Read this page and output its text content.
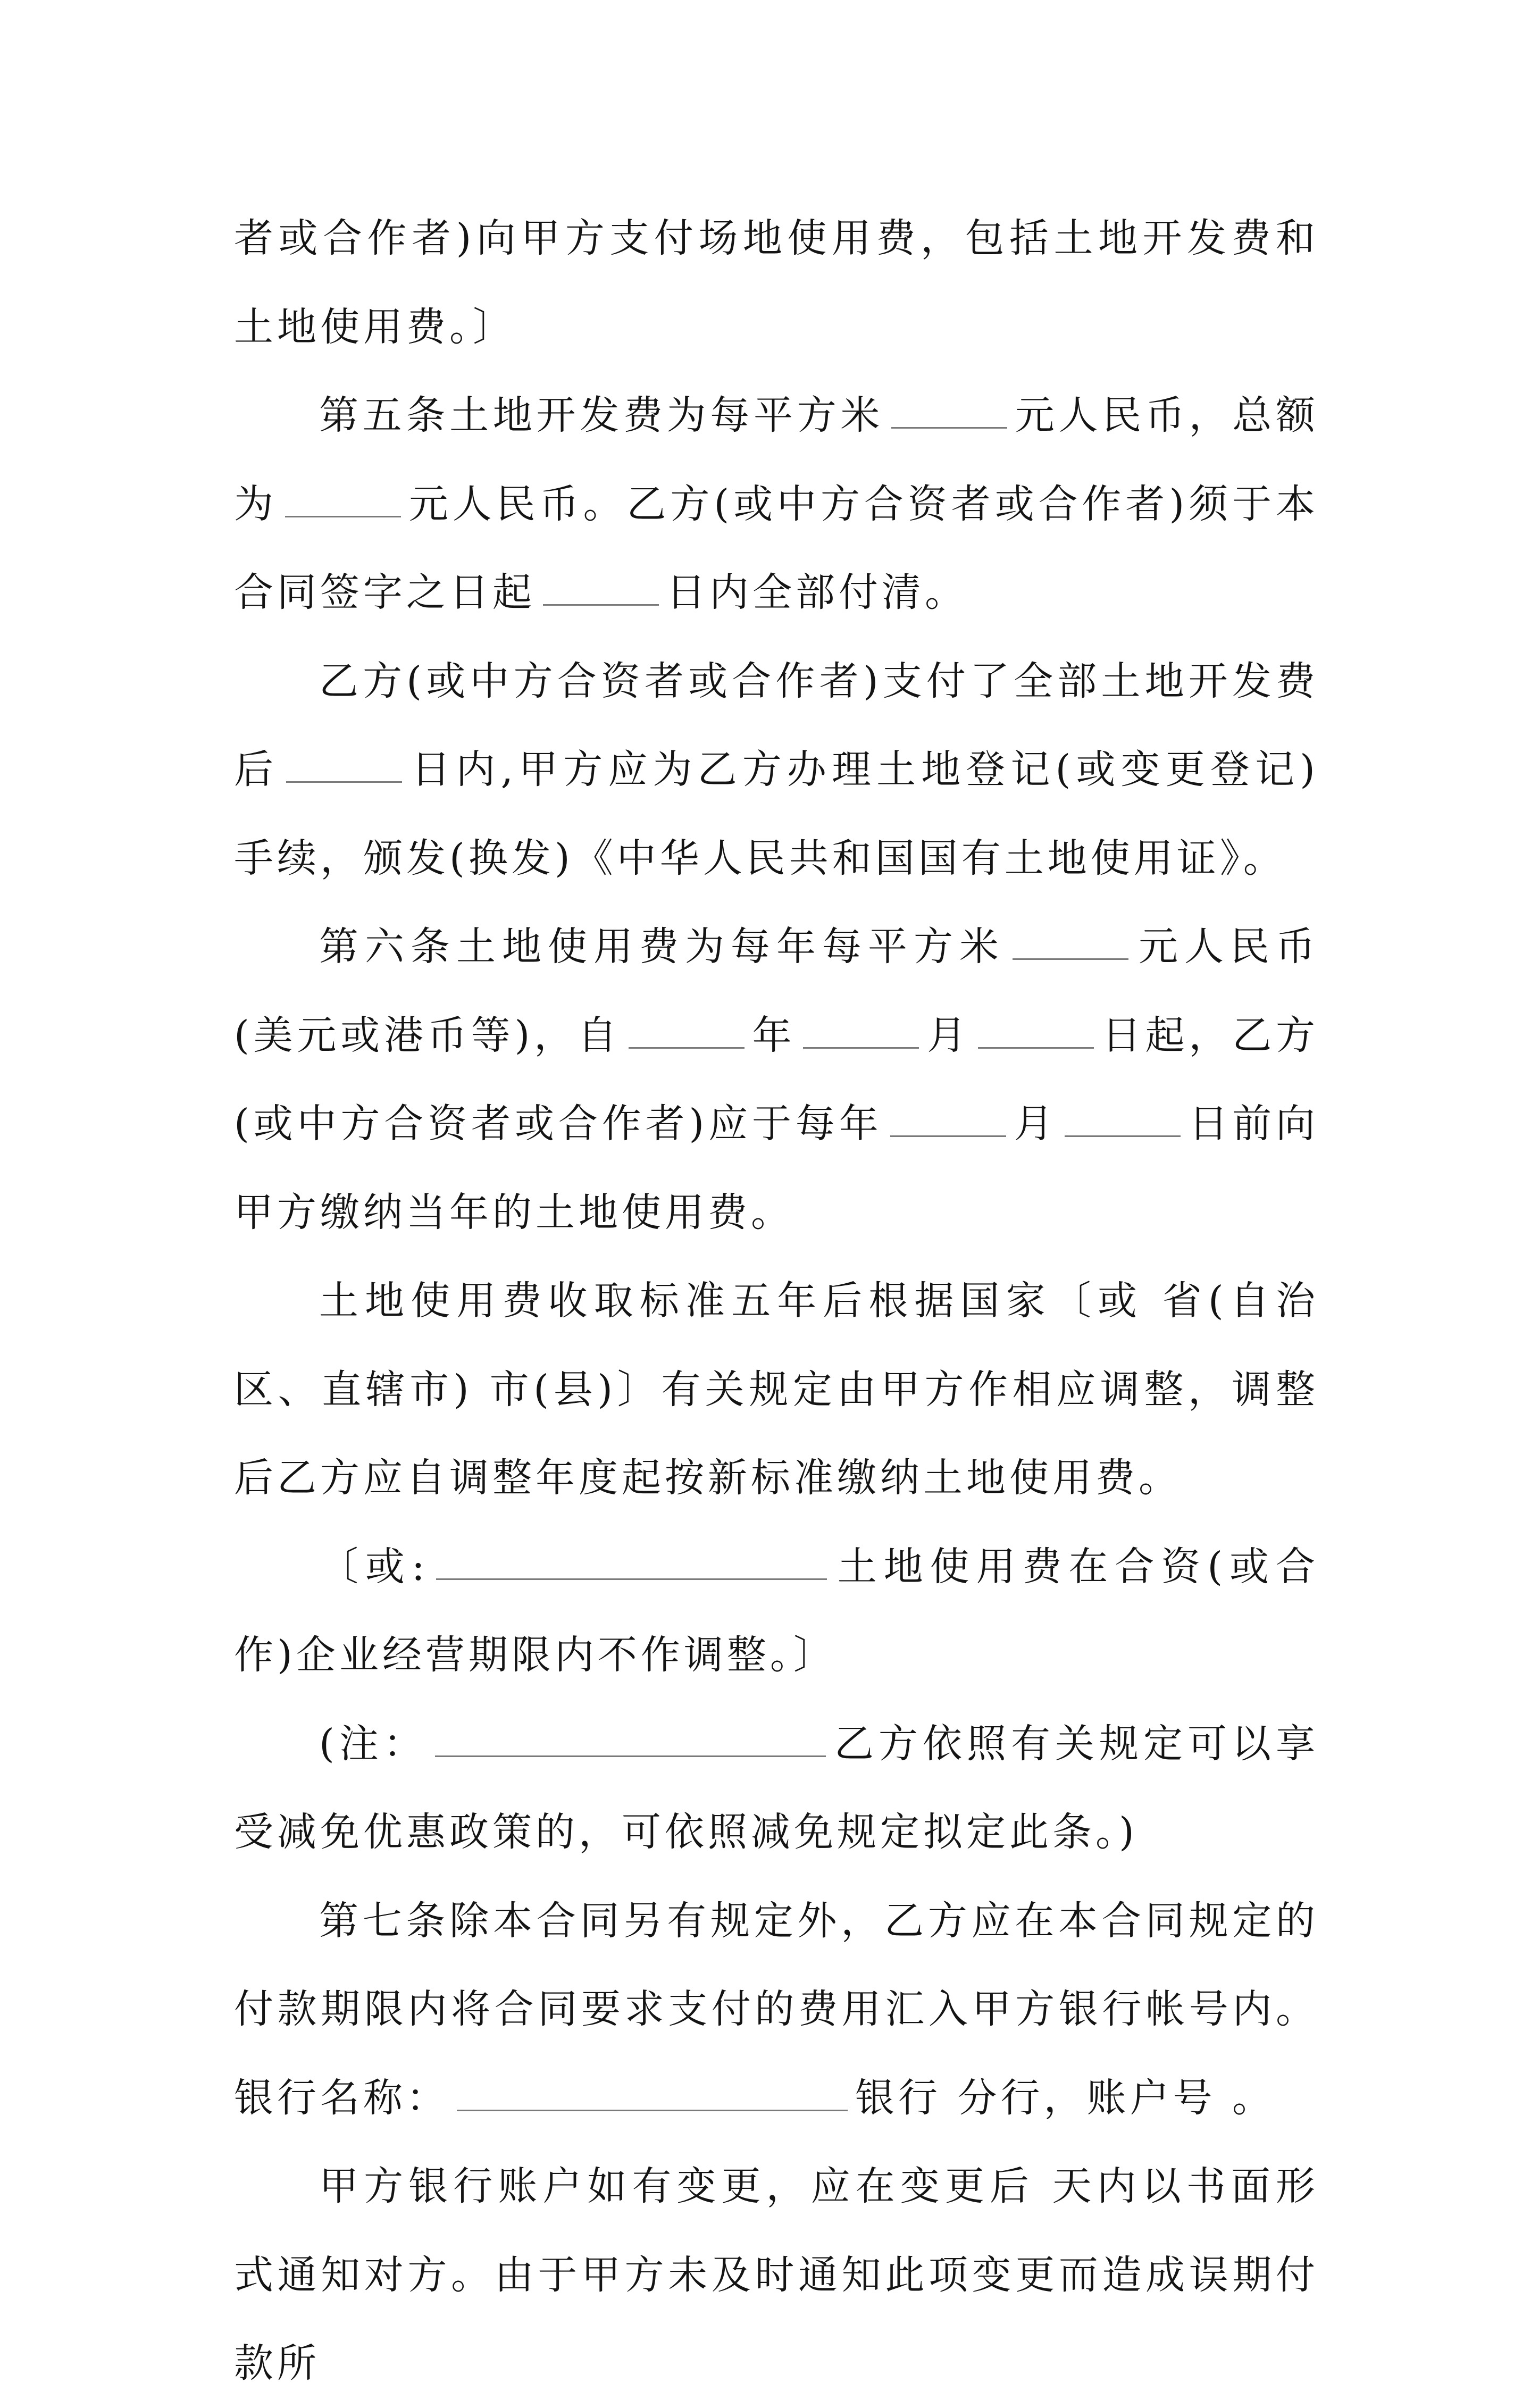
者或合作者)向甲方支付场地使用费，包括土地开发费和土地使用费。〕

第五条土地开发费为每平方米	元人民币，总额为	元人民币。乙方(或中方合资者或合作者)须于本合同签字之日起	日内全部付清。

乙方(或中方合资者或合作者)支付了全部土地开发费后	日内,甲方应为乙方办理土地登记(或变更登记)手续，颁发(换发)《中华人民共和国国有土地使用证》。

第六条土地使用费为每年每平方米	元人民币(美元或港币等)，自	年	月	日起，乙方(或中方合资者或合作者)应于每年	月	日前向甲方缴纳当年的土地使用费。

土地使用费收取标准五年后根据国家〔或 省(自治区、直辖市) 市(县)〕有关规定由甲方作相应调整，调整后乙方应自调整年度起按新标准缴纳土地使用费。

〔或:	土地使用费在合资(或合作)企业经营期限内不作调整。〕

(注：	乙方依照有关规定可以享受减免优惠政策的，可依照减免规定拟定此条。)

第七条除本合同另有规定外，乙方应在本合同规定的付款期限内将合同要求支付的费用汇入甲方银行帐号内。银行名称：	银行 分行，账户号 。

甲方银行账户如有变更，应在变更后 天内以书面形式通知对方。由于甲方未及时通知此项变更而造成误期付款所
